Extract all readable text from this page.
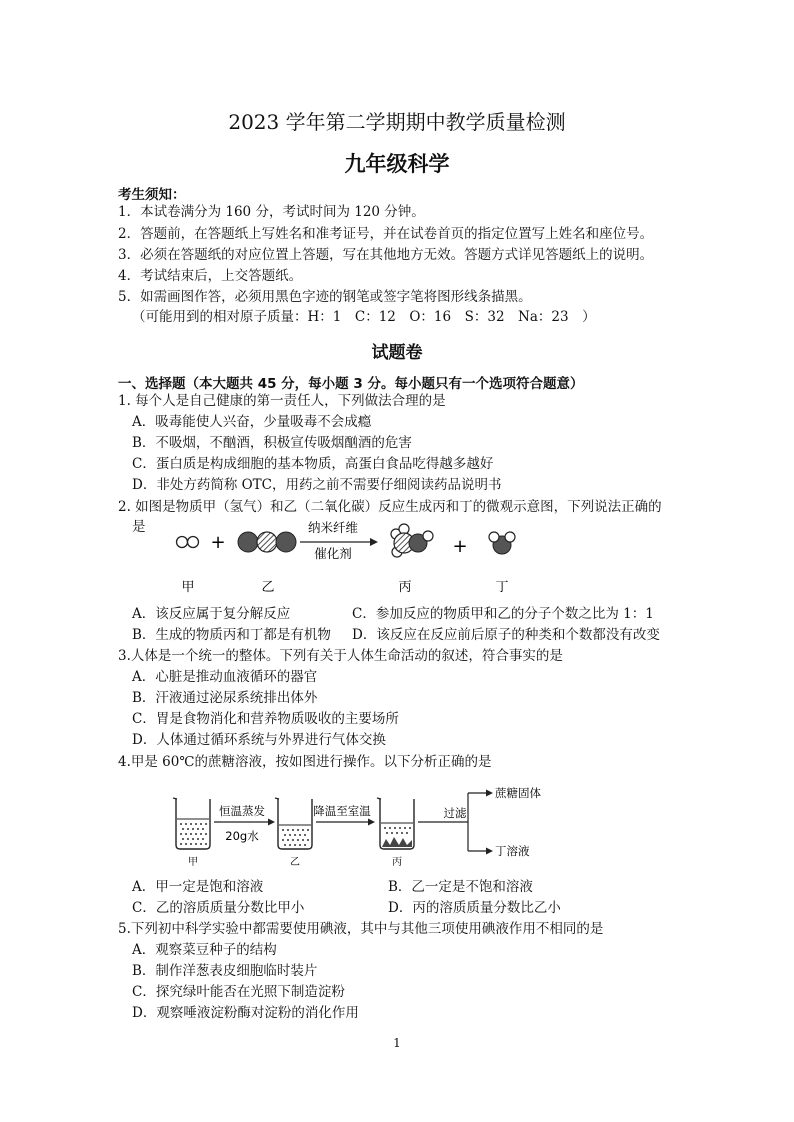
2023 学年第二学期期中教学质量检测
九年级科学
考生须知：
1．本试卷满分为 160 分，考试时间为 120 分钟。
2．答题前，在答题纸上写姓名和准考证号，并在试卷首页的指定位置写上姓名和座位号。
3．必须在答题纸的对应位置上答题，写在其他地方无效。答题方式详见答题纸上的说明。
4．考试结束后，上交答题纸。
5．如需画图作答，必须用黑色字迹的钢笔或签字笔将图形线条描黑。
（可能用到的相对原子质量：H：1　C：12　O：16　S：32　Na：23　）
试题卷
一、选择题（本大题共 45 分，每小题 3 分。每小题只有一个选项符合题意）
1. 每个人是自己健康的第一责任人，下列做法合理的是
A．吸毒能使人兴奋，少量吸毒不会成瘾
B．不吸烟，不酗酒，积极宣传吸烟酗酒的危害
C．蛋白质是构成细胞的基本物质，高蛋白食品吃得越多越好
D．非处方药简称 OTC，用药之前不需要仔细阅读药品说明书
2. 如图是物质甲（氢气）和乙（二氧化碳）反应生成丙和丁的微观示意图，下列说法正确的
是
+
纳米纤维
催化剂	+
甲	乙	丙	丁
A．该反应属于复分解反应	C．参加反应的物质甲和乙的分子个数之比为 1：1
B．生成的物质丙和丁都是有机物 D．该反应在反应前后原子的种类和个数都没有改变
3.人体是一个统一的整体。下列有关于人体生命活动的叙述，符合事实的是
A．心脏是推动血液循环的器官
B．汗液通过泌尿系统排出体外
C．胃是食物消化和营养物质吸收的主要场所
D．人体通过循环系统与外界进行气体交换
4.甲是 60℃的蔗糖溶液，按如图进行操作。以下分析正确的是
甲
恒温蒸发
20g水
乙
降温至室温
丙
过滤
蔗糖固体
丁溶液
A．甲一定是饱和溶液	B．乙一定是不饱和溶液
C．乙的溶质质量分数比甲小	D．丙的溶质质量分数比乙小
5.下列初中科学实验中都需要使用碘液，其中与其他三项使用碘液作用不相同的是
A．观察菜豆种子的结构
B．制作洋葱表皮细胞临时装片
C．探究绿叶能否在光照下制造淀粉
D．观察唾液淀粉酶对淀粉的消化作用
1
